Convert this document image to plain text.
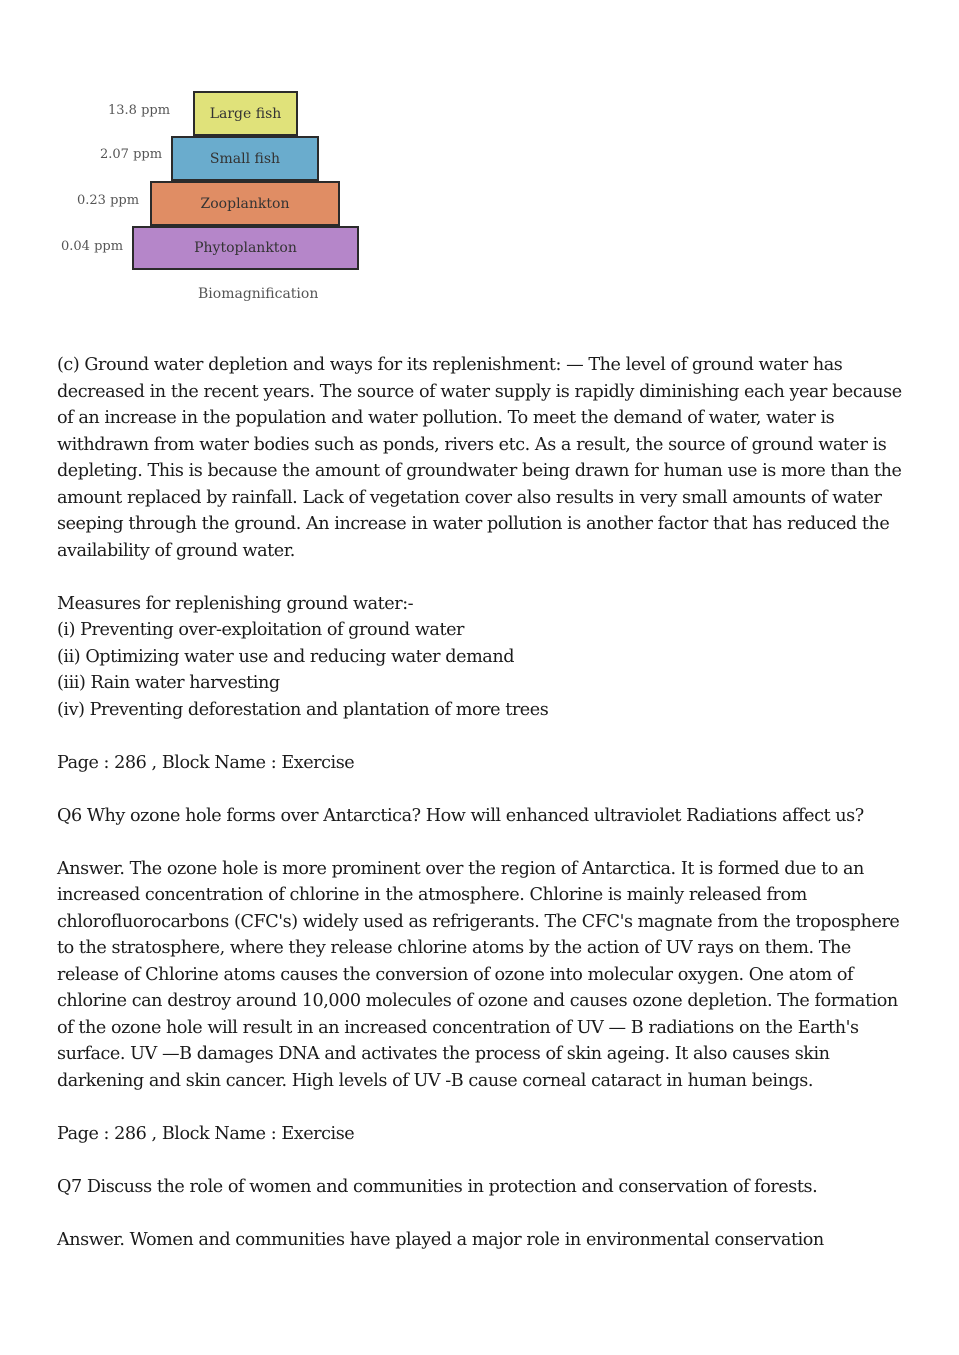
Large fish
Small fish
Zooplankton
Phytoplankton
13.8 ppm
2.07 ppm
0.23 ppm
0.04 ppm
Biomagnification

(c) Ground water depletion and ways for its replenishment: — The level of ground water has decreased in the recent years. The source of water supply is rapidly diminishing each year because of an increase in the population and water pollution. To meet the demand of water, water is withdrawn from water bodies such as ponds, rivers etc. As a result, the source of ground water is depleting. This is because the amount of groundwater being drawn for human use is more than the amount replaced by rainfall. Lack of vegetation cover also results in very small amounts of water seeping through the ground. An increase in water pollution is another factor that has reduced the availability of ground water.

Measures for replenishing ground water:-
(i) Preventing over-exploitation of ground water
(ii) Optimizing water use and reducing water demand
(iii) Rain water harvesting
(iv) Preventing deforestation and plantation of more trees

Page : 286 , Block Name : Exercise

Q6 Why ozone hole forms over Antarctica? How will enhanced ultraviolet Radiations affect us?

Answer. The ozone hole is more prominent over the region of Antarctica. It is formed due to an increased concentration of chlorine in the atmosphere. Chlorine is mainly released from chlorofluorocarbons (CFC's) widely used as refrigerants. The CFC's magnate from the troposphere to the stratosphere, where they release chlorine atoms by the action of UV rays on them. The release of Chlorine atoms causes the conversion of ozone into molecular oxygen. One atom of chlorine can destroy around 10,000 molecules of ozone and causes ozone depletion. The formation of the ozone hole will result in an increased concentration of UV — B radiations on the Earth's surface. UV —B damages DNA and activates the process of skin ageing. It also causes skin darkening and skin cancer. High levels of UV -B cause corneal cataract in human beings.

Page : 286 , Block Name : Exercise

Q7 Discuss the role of women and communities in protection and conservation of forests.

Answer. Women and communities have played a major role in environmental conservation
